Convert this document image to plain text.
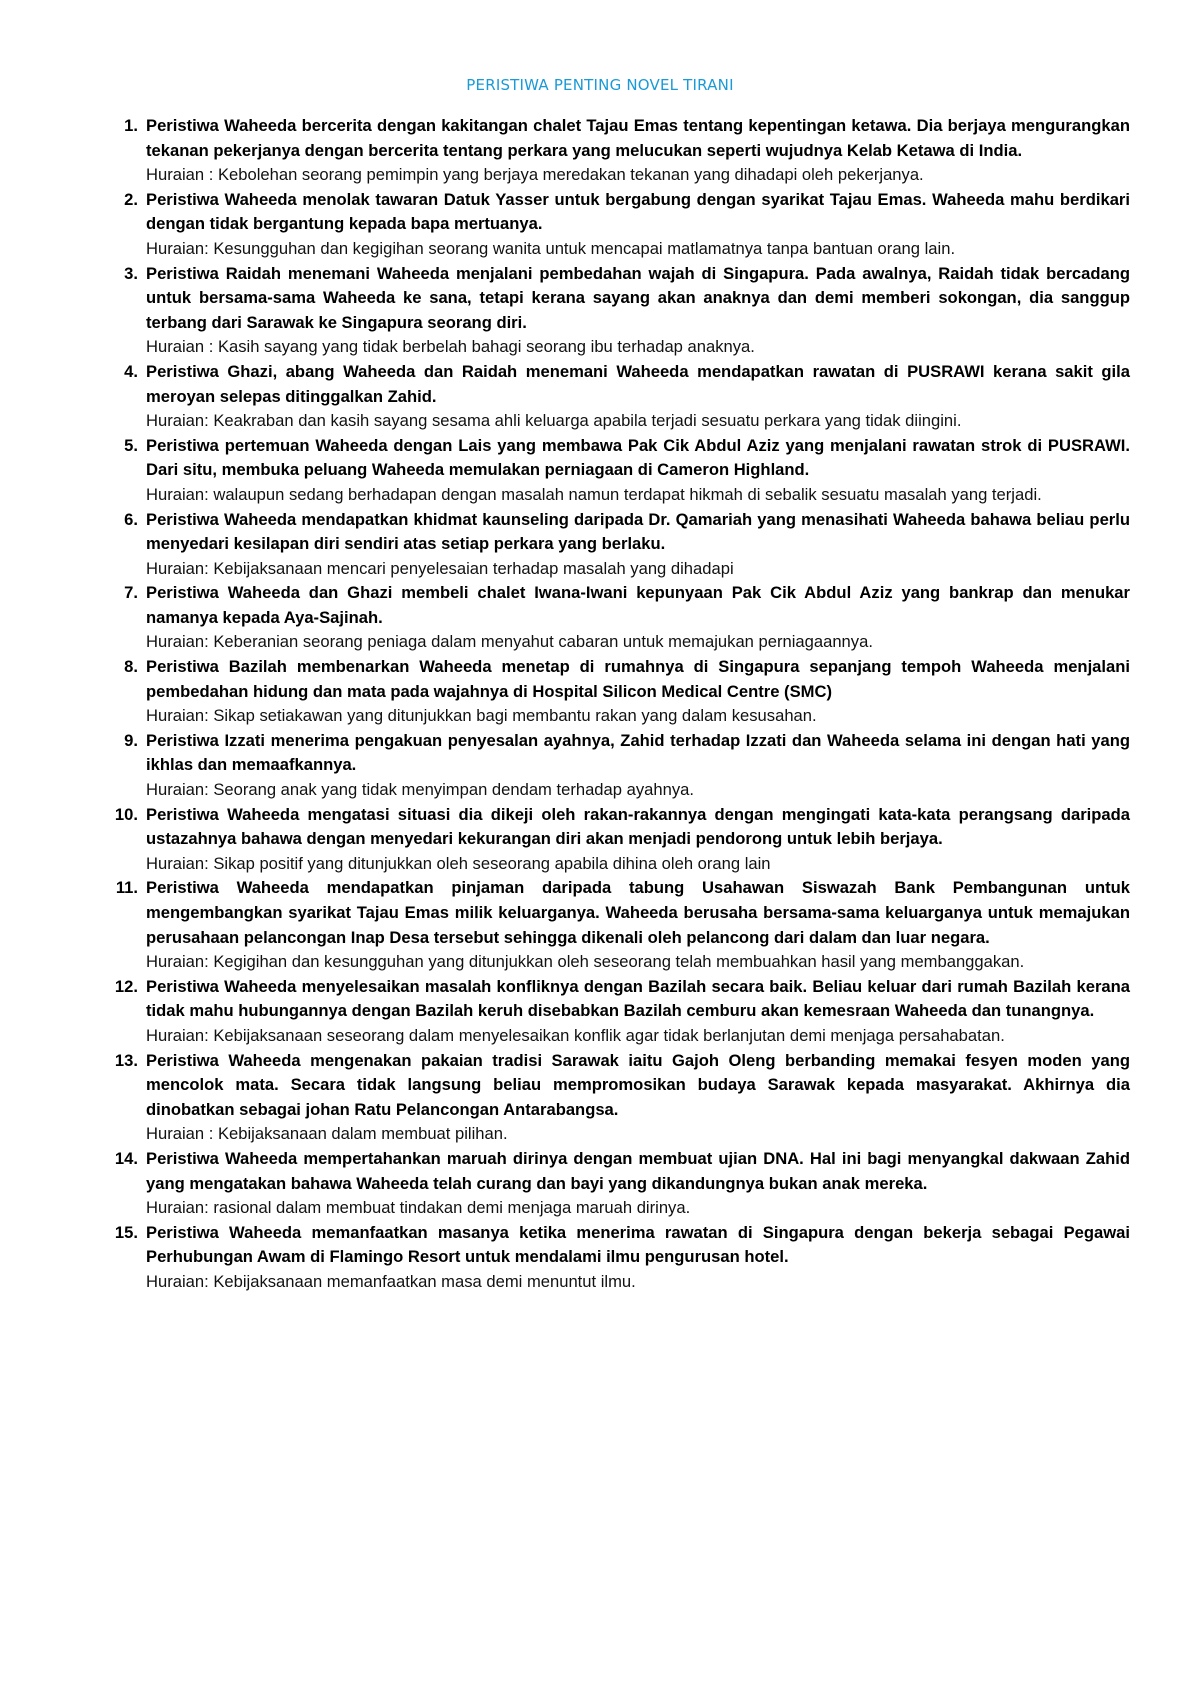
PERISTIWA PENTING NOVEL TIRANI
1. Peristiwa Waheeda bercerita dengan kakitangan chalet Tajau Emas tentang kepentingan ketawa. Dia berjaya mengurangkan tekanan pekerjanya dengan bercerita tentang perkara yang melucukan seperti wujudnya Kelab Ketawa di India.

Huraian : Kebolehan seorang pemimpin yang berjaya meredakan tekanan yang dihadapi oleh pekerjanya.

2. Peristiwa Waheeda menolak tawaran Datuk Yasser untuk bergabung dengan syarikat Tajau Emas. Waheeda mahu berdikari dengan tidak bergantung kepada bapa mertuanya.

Huraian: Kesungguhan dan kegigihan seorang wanita untuk mencapai matlamatnya tanpa bantuan orang lain.

3. Peristiwa Raidah menemani Waheeda menjalani pembedahan wajah di Singapura. Pada awalnya, Raidah tidak bercadang untuk bersama-sama Waheeda ke sana, tetapi kerana sayang akan anaknya dan demi memberi sokongan, dia sanggup terbang dari Sarawak ke Singapura seorang diri.

Huraian : Kasih sayang yang tidak berbelah bahagi seorang ibu terhadap anaknya.

4. Peristiwa Ghazi, abang Waheeda dan Raidah menemani Waheeda mendapatkan rawatan di PUSRAWI kerana sakit gila meroyan selepas ditinggalkan Zahid.

Huraian: Keakraban dan kasih sayang sesama ahli keluarga apabila terjadi sesuatu perkara yang tidak diingini.

5. Peristiwa pertemuan Waheeda dengan Lais yang membawa Pak Cik Abdul Aziz yang menjalani rawatan strok di PUSRAWI. Dari situ, membuka peluang Waheeda memulakan perniagaan di Cameron Highland.

Huraian: walaupun sedang berhadapan dengan masalah namun terdapat hikmah di sebalik sesuatu masalah yang terjadi.

6. Peristiwa Waheeda mendapatkan khidmat kaunseling daripada Dr. Qamariah yang menasihati Waheeda bahawa beliau perlu menyedari kesilapan diri sendiri atas setiap perkara yang berlaku.

Huraian: Kebijaksanaan mencari penyelesaian terhadap masalah yang dihadapi

7. Peristiwa Waheeda dan Ghazi membeli chalet Iwana-Iwani kepunyaan Pak Cik Abdul Aziz yang bankrap dan menukar namanya kepada Aya-Sajinah.

Huraian: Keberanian seorang peniaga dalam menyahut cabaran untuk memajukan perniagaannya.

8. Peristiwa Bazilah membenarkan Waheeda menetap di rumahnya di Singapura sepanjang tempoh Waheeda menjalani pembedahan hidung dan mata pada wajahnya di Hospital Silicon Medical Centre (SMC)

Huraian: Sikap setiakawan yang ditunjukkan bagi membantu rakan yang dalam kesusahan.

9. Peristiwa Izzati menerima pengakuan penyesalan ayahnya, Zahid terhadap Izzati dan Waheeda selama ini dengan hati yang ikhlas dan memaafkannya.

Huraian: Seorang anak yang tidak menyimpan dendam terhadap ayahnya.

10. Peristiwa Waheeda mengatasi situasi dia dikeji oleh rakan-rakannya dengan mengingati kata-kata perangsang daripada ustazahnya bahawa dengan menyedari kekurangan diri akan menjadi pendorong untuk lebih berjaya.

Huraian: Sikap positif yang ditunjukkan oleh seseorang apabila dihina oleh orang lain

11. Peristiwa Waheeda mendapatkan pinjaman daripada tabung Usahawan Siswazah Bank Pembangunan untuk mengembangkan syarikat Tajau Emas milik keluarganya. Waheeda berusaha bersama-sama keluarganya untuk memajukan perusahaan pelancongan Inap Desa tersebut sehingga dikenali oleh pelancong dari dalam dan luar negara.

Huraian: Kegigihan dan kesungguhan yang ditunjukkan oleh seseorang telah membuahkan hasil yang membanggakan.

12. Peristiwa Waheeda menyelesaikan masalah konfliknya dengan Bazilah secara baik. Beliau keluar dari rumah Bazilah kerana tidak mahu hubungannya dengan Bazilah keruh disebabkan Bazilah cemburu akan kemesraan Waheeda dan tunangnya.

Huraian: Kebijaksanaan seseorang dalam menyelesaikan konflik agar tidak berlanjutan demi menjaga persahabatan.

13. Peristiwa Waheeda mengenakan pakaian tradisi Sarawak iaitu Gajoh Oleng berbanding memakai fesyen moden yang mencolok mata. Secara tidak langsung beliau mempromosikan budaya Sarawak kepada masyarakat. Akhirnya dia dinobatkan sebagai johan Ratu Pelancongan Antarabangsa.

Huraian : Kebijaksanaan dalam membuat pilihan.

14. Peristiwa Waheeda mempertahankan maruah dirinya dengan membuat ujian DNA. Hal ini bagi menyangkal dakwaan Zahid yang mengatakan bahawa Waheeda telah curang dan bayi yang dikandungnya bukan anak mereka.

Huraian: rasional dalam membuat tindakan demi menjaga maruah dirinya.

15. Peristiwa Waheeda memanfaatkan masanya ketika menerima rawatan di Singapura dengan bekerja sebagai Pegawai Perhubungan Awam di Flamingo Resort untuk mendalami ilmu pengurusan hotel.

Huraian: Kebijaksanaan memanfaatkan masa demi menuntut ilmu.
